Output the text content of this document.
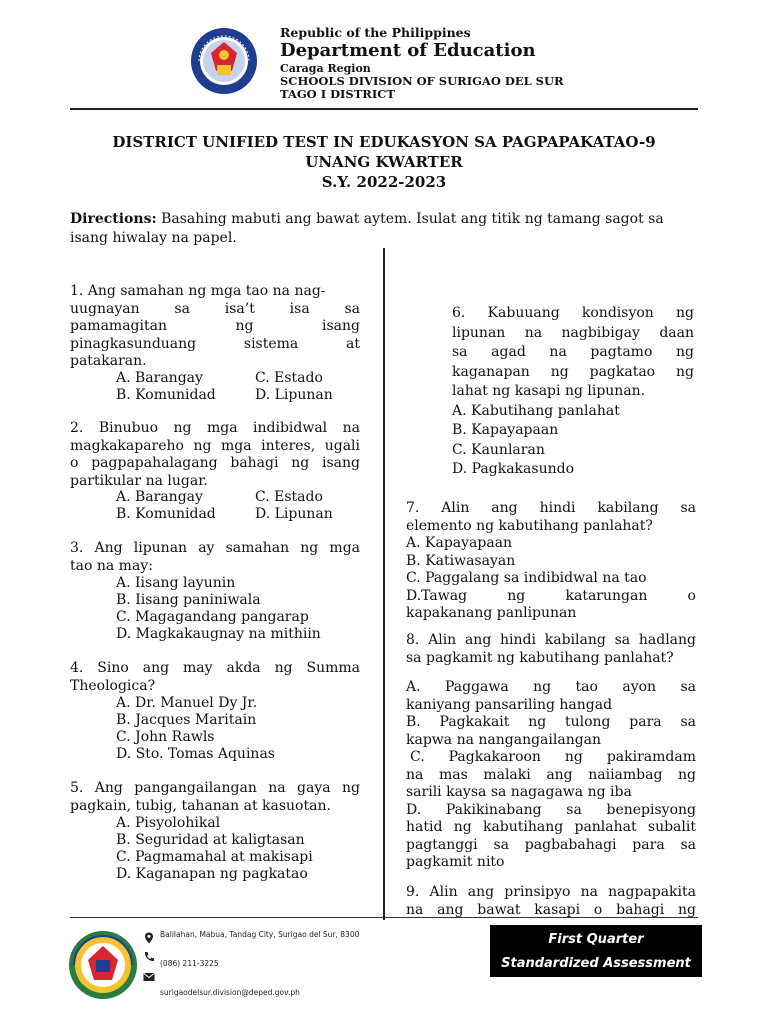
Republic of the Philippines
Department of Education
Caraga Region
SCHOOLS DIVISION OF SURIGAO DEL SUR
TAGO I DISTRICT
DISTRICT UNIFIED TEST IN EDUKASYON SA PAGPAPAKATAO-9
UNANG KWARTER
S.Y. 2022-2023
Directions: Basahing mabuti ang bawat aytem. Isulat ang titik ng tamang sagot sa isang hiwalay na papel.
1. Ang samahan ng mga tao na nag-
uugnayan sa isa’t isa sa
pamamagitan ng isang
pinagkasunduang sistema at
patakaran.
A. Barangay	C. Estado
B. Komunidad	D. Lipunan
2. Binubuo ng mga indibidwal na
magkakapareho ng mga interes, ugali
o pagpapahalagang bahagi ng isang
partikular na lugar.
A. Barangay	C. Estado
B. Komunidad	D. Lipunan
3. Ang lipunan ay samahan ng mga
tao na may:
A. Iisang layunin
B. Iisang paniniwala
C. Magagandang pangarap
D. Magkakaugnay na mithiin
4. Sino ang may akda ng Summa
Theologica?
A. Dr. Manuel Dy Jr.
B. Jacques Maritain
C. John Rawls
D. Sto. Tomas Aquinas
5. Ang pangangailangan na gaya ng
pagkain, tubig, tahanan at kasuotan.
A. Pisyolohikal
B. Seguridad at kaligtasan
C. Pagmamahal at makisapi
D. Kaganapan ng pagkatao
6. Kabuuang kondisyon ng
lipunan na nagbibigay daan
sa agad na pagtamo ng
kaganapan ng pagkatao ng
lahat ng kasapi ng lipunan.
A. Kabutihang panlahat
B. Kapayapaan
C. Kaunlaran
D. Pagkakasundo
7. Alin ang hindi kabilang sa
elemento ng kabutihang panlahat?
A. Kapayapaan
B. Katiwasayan
C. Paggalang sa indibidwal na tao
D.Tawag ng katarungan o
kapakanang panlipunan
8. Alin ang hindi kabilang sa hadlang
sa pagkamit ng kabutihang panlahat?
A. Paggawa ng tao ayon sa
kaniyang pansariling hangad
B. Pagkakait ng tulong para sa
kapwa na nangangailangan
C. Pagkakaroon ng pakiramdam
na mas malaki ang naiiambag ng
sarili kaysa sa nagagawa ng iba
D. Pakikinabang sa benepisyong
hatid ng kabutihang panlahat subalit
pagtanggi sa pagbabahagi para sa
pagkamit nito
9. Alin ang prinsipyo na nagpapakita
na ang bawat kasapi o bahagi ng
Balilahan, Mabua, Tandag City, Surigao del Sur, 8300
(086) 211-3225
surigaodelsur.division@deped.gov.ph
First Quarter
Standardized Assessment
